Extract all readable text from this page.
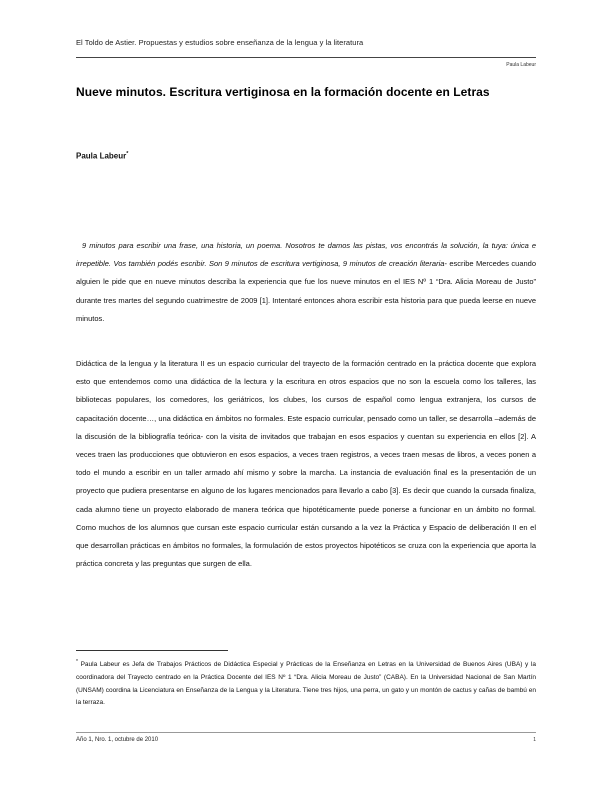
El Toldo de Astier. Propuestas y estudios sobre enseñanza de la lengua y la literatura
Paula Labeur
Nueve minutos. Escritura vertiginosa en la formación docente en Letras
Paula Labeur*
9 minutos para escribir una frase, una historia, un poema. Nosotros te damos las pistas, vos encontrás la solución, la tuya: única e irrepetible. Vos también podés escribir. Son 9 minutos de escritura vertiginosa, 9 minutos de creación literaria- escribe Mercedes cuando alguien le pide que en nueve minutos describa la experiencia que fue los nueve minutos en el IES Nº 1 “Dra. Alicia Moreau de Justo” durante tres martes del segundo cuatrimestre de 2009 [1]. Intentaré entonces ahora escribir esta historia para que pueda leerse en nueve minutos.
Didáctica de la lengua y la literatura II es un espacio curricular del trayecto de la formación centrado en la práctica docente que explora esto que entendemos como una didáctica de la lectura y la escritura en otros espacios que no son la escuela como los talleres, las bibliotecas populares, los comedores, los geriátricos, los clubes, los cursos de español como lengua extranjera, los cursos de capacitación docente…, una didáctica en ámbitos no formales. Este espacio curricular, pensado como un taller, se desarrolla –además de la discusión de la bibliografía teórica- con la visita de invitados que trabajan en esos espacios y cuentan su experiencia en ellos [2]. A veces traen las producciones que obtuvieron en esos espacios, a veces traen registros, a veces traen mesas de libros, a veces ponen a todo el mundo a escribir en un taller armado ahí mismo y sobre la marcha. La instancia de evaluación final es la presentación de un proyecto que pudiera presentarse en alguno de los lugares mencionados para llevarlo a cabo [3]. Es decir que cuando la cursada finaliza, cada alumno tiene un proyecto elaborado de manera teórica que hipotéticamente puede ponerse a funcionar en un ámbito no formal. Como muchos de los alumnos que cursan este espacio curricular están cursando a la vez la Práctica y Espacio de deliberación II en el que desarrollan prácticas en ámbitos no formales, la formulación de estos proyectos hipotéticos se cruza con la experiencia que aporta la práctica concreta y las preguntas que surgen de ella.
* Paula Labeur es Jefa de Trabajos Prácticos de Didáctica Especial y Prácticas de la Enseñanza en Letras en la Universidad de Buenos Aires (UBA) y la coordinadora del Trayecto centrado en la Práctica Docente del IES Nº 1 “Dra. Alicia Moreau de Justo” (CABA). En la Universidad Nacional de San Martín (UNSAM) coordina la Licenciatura en Enseñanza de la Lengua y la Literatura. Tiene tres hijos, una perra, un gato y un montón de cactus y cañas de bambú en la terraza.
Año 1, Nro. 1, octubre de 2010	1
